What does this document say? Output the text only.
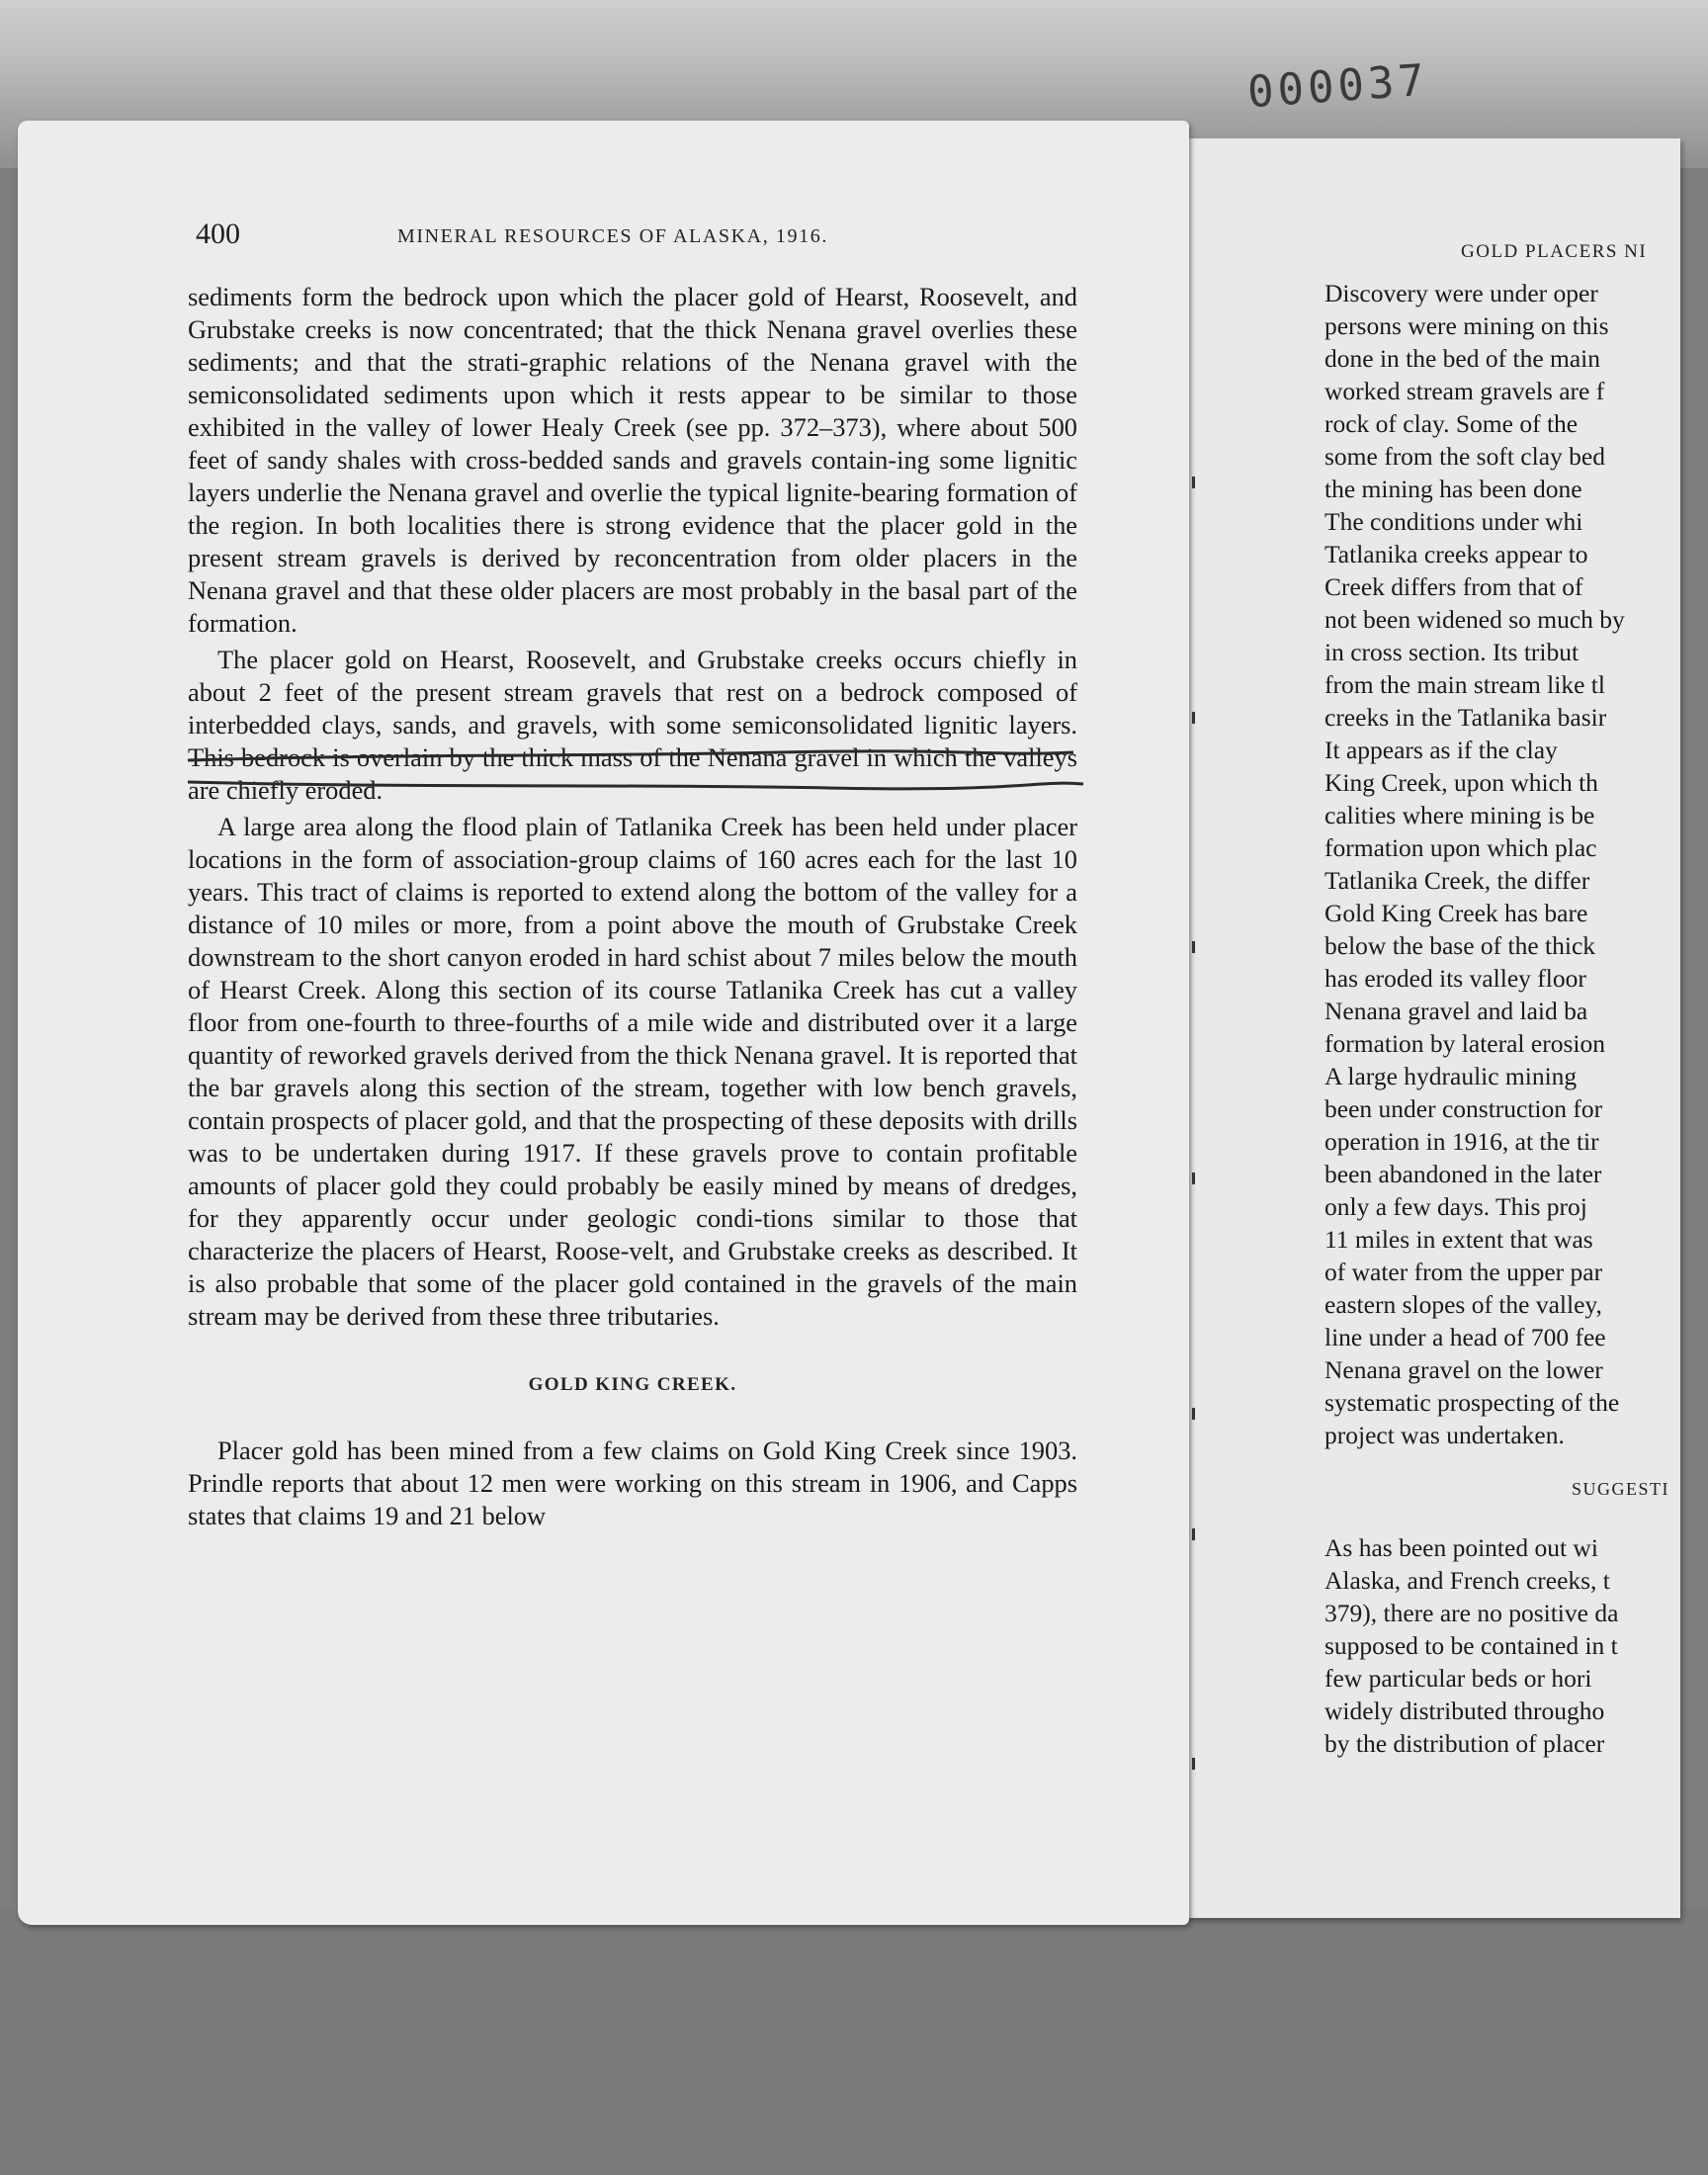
000037
400	MINERAL RESOURCES OF ALASKA, 1916.

sediments form the bedrock upon which the placer gold of Hearst, Roosevelt, and Grubstake creeks is now concentrated; that the thick Nenana gravel overlies these sediments; and that the strati-graphic relations of the Nenana gravel with the semiconsolidated sediments upon which it rests appear to be similar to those exhibited in the valley of lower Healy Creek (see pp. 372–373), where about 500 feet of sandy shales with cross-bedded sands and gravels contain-ing some lignitic layers underlie the Nenana gravel and overlie the typical lignite-bearing formation of the region. In both localities there is strong evidence that the placer gold in the present stream gravels is derived by reconcentration from older placers in the Nenana gravel and that these older placers are most probably in the basal part of the formation.

The placer gold on Hearst, Roosevelt, and Grubstake creeks occurs chiefly in about 2 feet of the present stream gravels that rest on a bedrock composed of interbedded clays, sands, and gravels, with some semiconsolidated lignitic layers. This bedrock is overlain by the thick mass of the Nenana gravel in which the valleys are chiefly eroded.

A large area along the flood plain of Tatlanika Creek has been held under placer locations in the form of association-group claims of 160 acres each for the last 10 years. This tract of claims is reported to extend along the bottom of the valley for a distance of 10 miles or more, from a point above the mouth of Grubstake Creek downstream to the short canyon eroded in hard schist about 7 miles below the mouth of Hearst Creek. Along this section of its course Tatlanika Creek has cut a valley floor from one-fourth to three-fourths of a mile wide and distributed over it a large quantity of reworked gravels derived from the thick Nenana gravel. It is reported that the bar gravels along this section of the stream, together with low bench gravels, contain prospects of placer gold, and that the prospecting of these deposits with drills was to be undertaken during 1917. If these gravels prove to contain profitable amounts of placer gold they could probably be easily mined by means of dredges, for they apparently occur under geologic condi-tions similar to those that characterize the placers of Hearst, Roose-velt, and Grubstake creeks as described. It is also probable that some of the placer gold contained in the gravels of the main stream may be derived from these three tributaries.

GOLD KING CREEK.

Placer gold has been mined from a few claims on Gold King Creek since 1903. Prindle reports that about 12 men were working on this stream in 1906, and Capps states that claims 19 and 21 below

GOLD PLACERS NI
Discovery were under oper
persons were mining on this
done in the bed of the main
worked stream gravels are f
rock of clay. Some of the
some from the soft clay bed
the mining has been done
The conditions under whi
Tatlanika creeks appear to
Creek differs from that of
not been widened so much by
in cross section. Its tribut
from the main stream like tl
creeks in the Tatlanika basir
It appears as if the clay
King Creek, upon which th
calities where mining is be
formation upon which plac
Tatlanika Creek, the differ
Gold King Creek has bare
below the base of the thick
has eroded its valley floor
Nenana gravel and laid ba
formation by lateral erosion
A large hydraulic mining
been under construction for
operation in 1916, at the tir
been abandoned in the later
only a few days. This proj
11 miles in extent that was
of water from the upper par
eastern slopes of the valley,
line under a head of 700 fee
Nenana gravel on the lower
systematic prospecting of the
project was undertaken.
SUGGESTI
As has been pointed out wi
Alaska, and French creeks, t
379), there are no positive da
supposed to be contained in t
few particular beds or hori
widely distributed througho
by the distribution of placer
